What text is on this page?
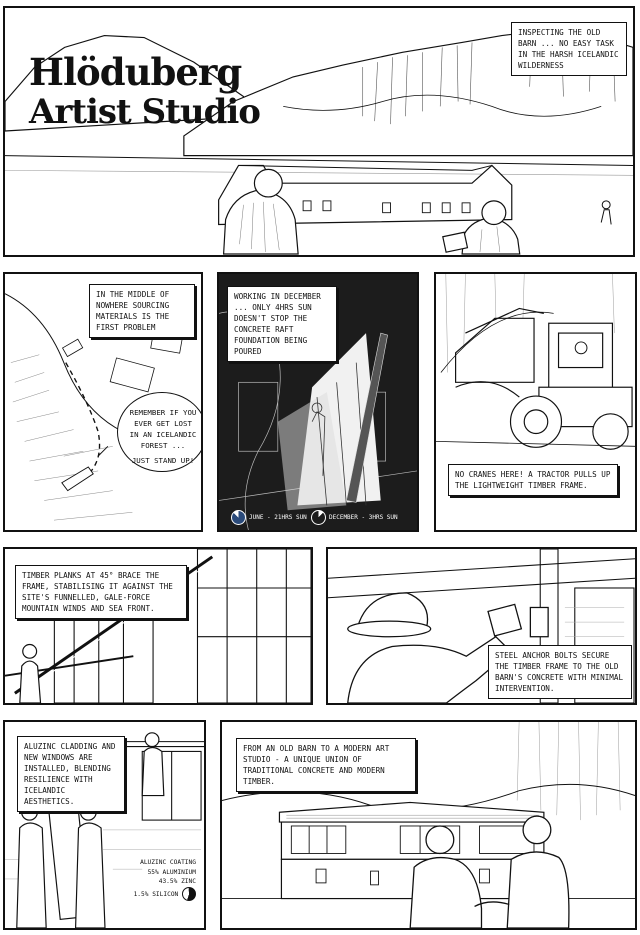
Hlöduberg
Artist Studio
INSPECTING THE OLD BARN ... NO EASY TASK IN THE HARSH ICELANDIC WILDERNESS
IN THE MIDDLE OF NOWHERE SOURCING MATERIALS IS THE FIRST PROBLEM
REMEMBER IF YOU EVER GET LOST IN AN ICELANDIC FOREST ...

JUST STAND UP!
WORKING IN DECEMBER ... ONLY 4HRS SUN DOESN'T STOP THE CONCRETE RAFT FOUNDATION BEING POURED
JUNE - 21HRS SUN	DECEMBER - 3HRS SUN
NO CRANES HERE! A TRACTOR PULLS UP THE LIGHTWEIGHT TIMBER FRAME.
TIMBER PLANKS AT 45° BRACE THE FRAME, STABILISING IT AGAINST THE SITE'S FUNNELLED, GALE-FORCE MOUNTAIN WINDS AND SEA FRONT.
STEEL ANCHOR BOLTS SECURE THE TIMBER FRAME TO THE OLD BARN'S CONCRETE WITH MINIMAL INTERVENTION.
ALUZINC CLADDING AND NEW WINDOWS ARE INSTALLED, BLENDING RESILIENCE WITH ICELANDIC AESTHETICS.
ALUZINC COATING
55% ALUMINIUM
43.5% ZINC
1.5% SILICON
FROM AN OLD BARN TO A MODERN ART STUDIO - A UNIQUE UNION OF TRADITIONAL CONCRETE AND MODERN TIMBER.
